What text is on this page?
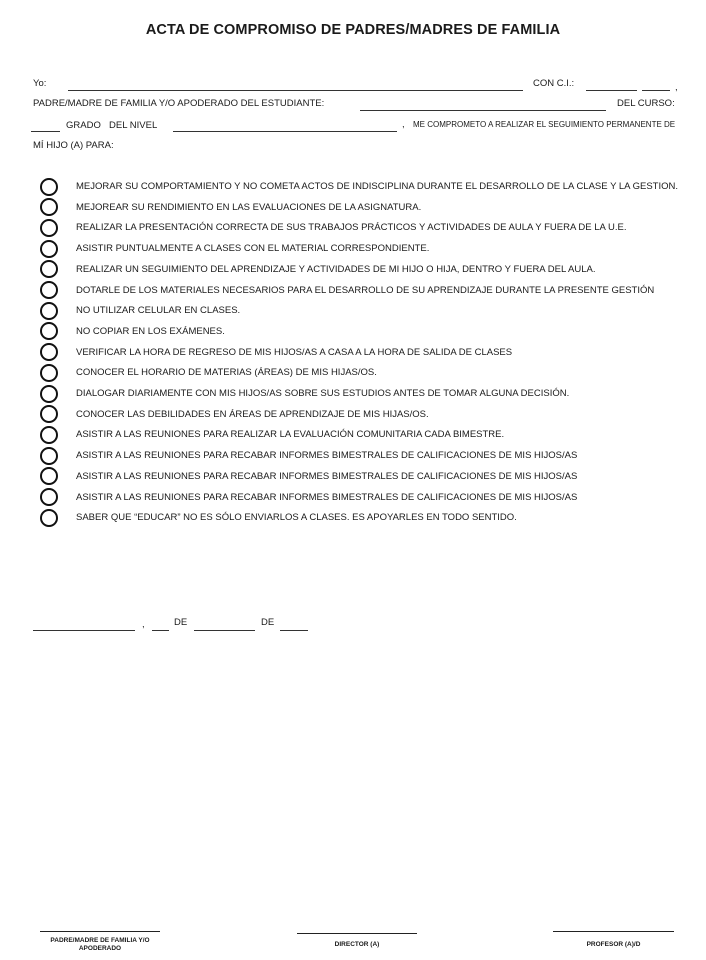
ACTA DE COMPROMISO DE PADRES/MADRES DE FAMILIA
Yo:	CON C.I.:	,
PADRE/MADRE DE FAMILIA Y/O APODERADO DEL ESTUDIANTE:	DEL CURSO:
GRADO DEL NIVEL	, ME COMPROMETO A REALIZAR EL SEGUIMIENTO PERMANENTE DE
MÍ HIJO (A) PARA:
MEJORAR SU COMPORTAMIENTO Y NO COMETA ACTOS DE INDISCIPLINA DURANTE EL DESARROLLO DE LA CLASE Y LA GESTION.
MEJOREAR SU RENDIMIENTO EN LAS EVALUACIONES DE LA ASIGNATURA.
REALIZAR LA PRESENTACIÓN CORRECTA DE SUS TRABAJOS PRÁCTICOS Y ACTIVIDADES DE AULA Y FUERA DE LA U.E.
ASISTIR PUNTUALMENTE A CLASES CON EL MATERIAL CORRESPONDIENTE.
REALIZAR UN SEGUIMIENTO DEL APRENDIZAJE Y ACTIVIDADES DE MI HIJO O HIJA, DENTRO Y FUERA DEL AULA.
DOTARLE DE LOS MATERIALES NECESARIOS PARA EL DESARROLLO DE SU APRENDIZAJE DURANTE LA PRESENTE GESTIÓN
NO UTILIZAR CELULAR EN CLASES.
NO COPIAR EN LOS EXÁMENES.
VERIFICAR LA HORA DE REGRESO DE MIS HIJOS/AS A CASA A LA HORA DE SALIDA DE CLASES
CONOCER EL HORARIO DE MATERIAS (ÁREAS) DE MIS HIJAS/OS.
DIALOGAR DIARIAMENTE CON MIS HIJOS/AS SOBRE SUS ESTUDIOS ANTES DE TOMAR ALGUNA DECISIÓN.
CONOCER LAS DEBILIDADES EN ÁREAS DE APRENDIZAJE DE MIS HIJAS/OS.
ASISTIR A LAS REUNIONES PARA REALIZAR LA EVALUACIÓN COMUNITARIA CADA BIMESTRE.
ASISTIR A LAS REUNIONES PARA RECABAR INFORMES BIMESTRALES DE CALIFICACIONES DE MIS HIJOS/AS
ASISTIR A LAS REUNIONES PARA RECABAR INFORMES BIMESTRALES DE CALIFICACIONES DE MIS HIJOS/AS
ASISTIR A LAS REUNIONES PARA RECABAR INFORMES BIMESTRALES DE CALIFICACIONES DE MIS HIJOS/AS
SABER QUE “EDUCAR” NO ES SÓLO ENVIARLOS A CLASES. ES APOYARLES EN TODO SENTIDO.
,	DE	DE
PADRE/MADRE DE FAMILIA Y/O APODERADO
DIRECTOR (A)	PROFESOR (A)/D
